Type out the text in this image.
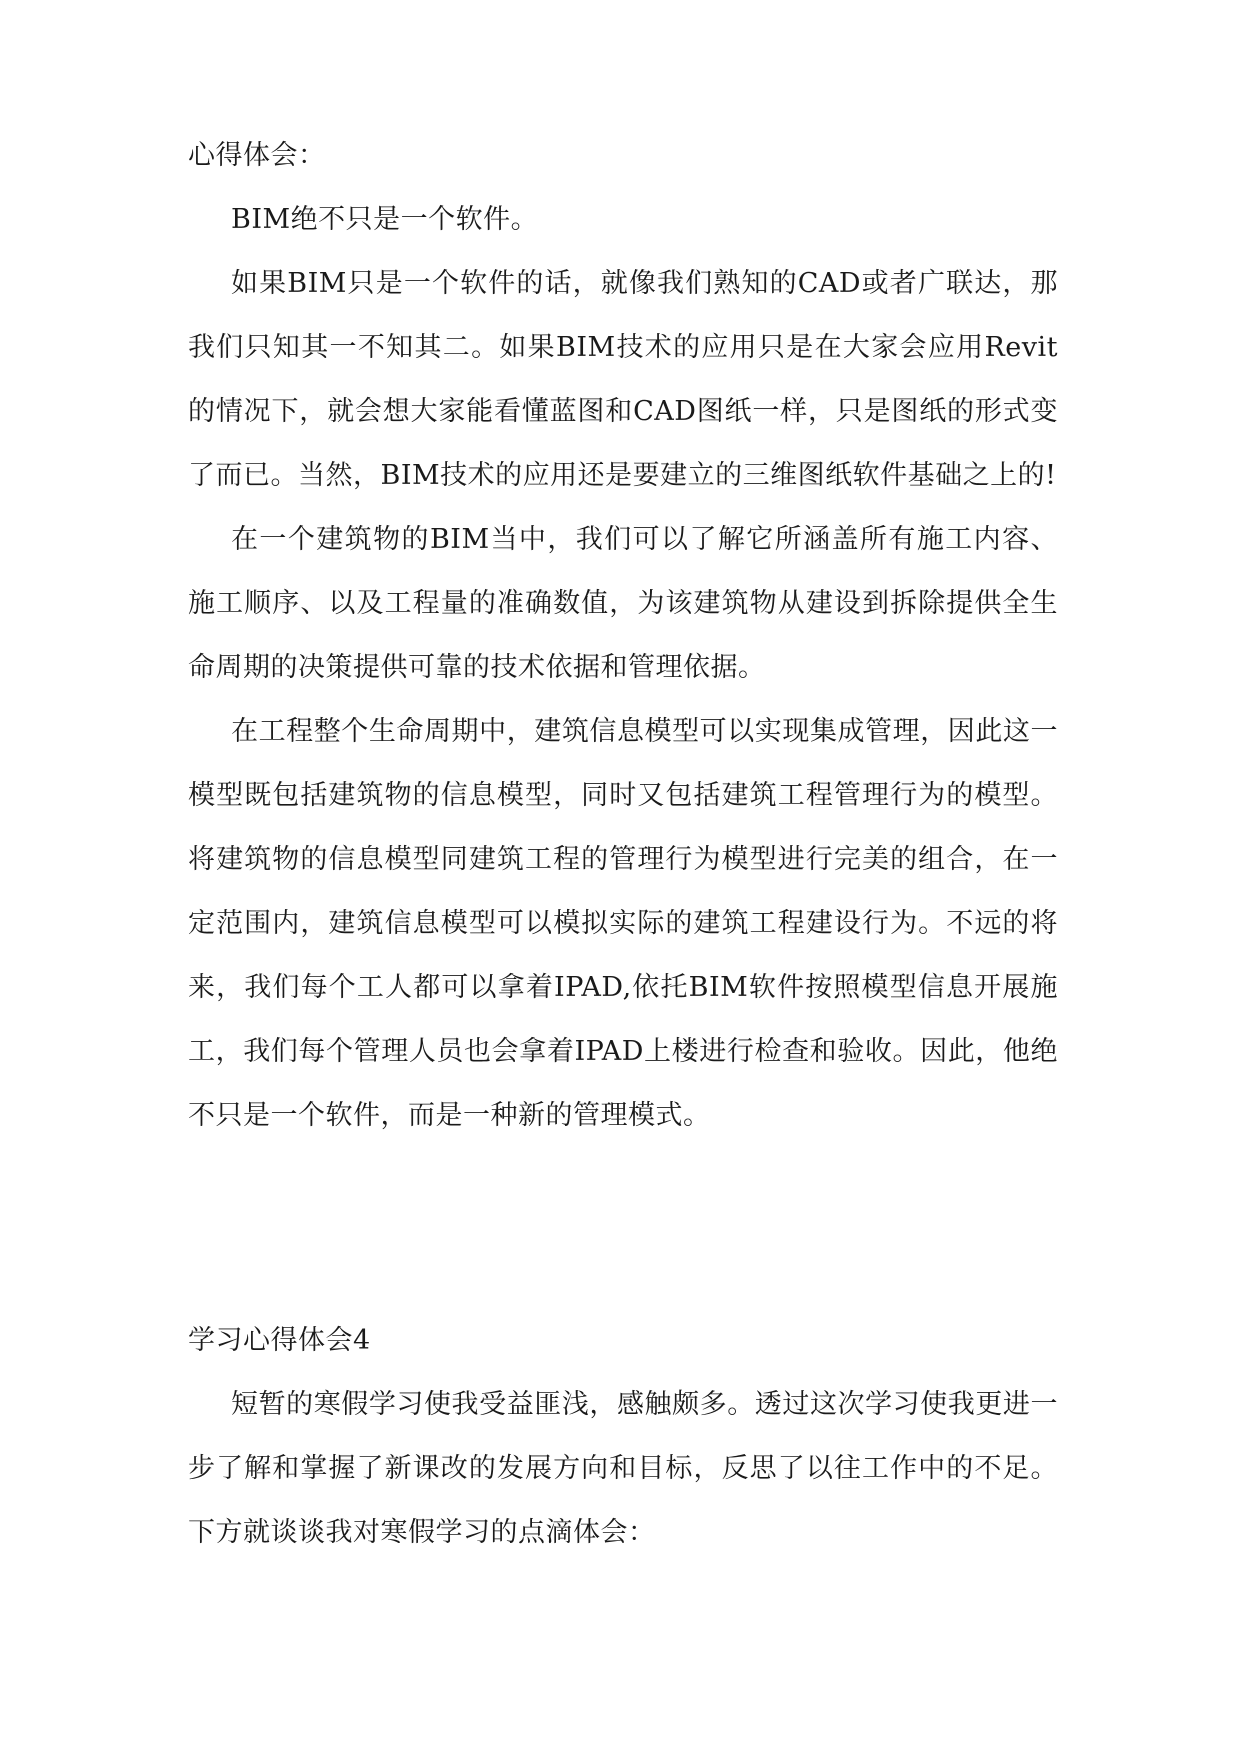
心得体会：

BIM绝不只是一个软件。

如果BIM只是一个软件的话，就像我们熟知的CAD或者广联达，那我们只知其一不知其二。如果BIM技术的应用只是在大家会应用Revit的情况下，就会想大家能看懂蓝图和CAD图纸一样，只是图纸的形式变了而已。当然，BIM技术的应用还是要建立的三维图纸软件基础之上的!

在一个建筑物的BIM当中，我们可以了解它所涵盖所有施工内容、施工顺序、以及工程量的准确数值，为该建筑物从建设到拆除提供全生命周期的决策提供可靠的技术依据和管理依据。

在工程整个生命周期中，建筑信息模型可以实现集成管理，因此这一模型既包括建筑物的信息模型，同时又包括建筑工程管理行为的模型。将建筑物的信息模型同建筑工程的管理行为模型进行完美的组合，在一定范围内，建筑信息模型可以模拟实际的建筑工程建设行为。不远的将来，我们每个工人都可以拿着IPAD,依托BIM软件按照模型信息开展施工，我们每个管理人员也会拿着IPAD上楼进行检查和验收。因此，他绝不只是一个软件，而是一种新的管理模式。

学习心得体会4

短暂的寒假学习使我受益匪浅，感触颇多。透过这次学习使我更进一步了解和掌握了新课改的发展方向和目标，反思了以往工作中的不足。下方就谈谈我对寒假学习的点滴体会：
